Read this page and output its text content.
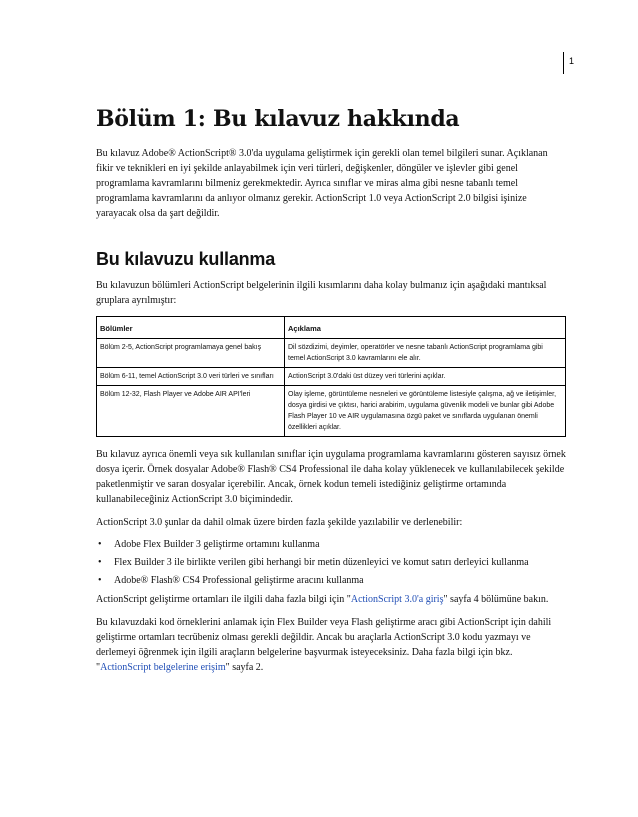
1
Bölüm 1: Bu kılavuz hakkında

Bu kılavuz Adobe® ActionScript® 3.0'da uygulama geliştirmek için gerekli olan temel bilgileri sunar. Açıklanan fikir ve teknikleri en iyi şekilde anlayabilmek için veri türleri, değişkenler, döngüler ve işlevler gibi genel programlama kavramlarını bilmeniz gerekmektedir. Ayrıca sınıflar ve miras alma gibi nesne tabanlı temel programlama kavramlarını da anlıyor olmanız gerekir. ActionScript 1.0 veya ActionScript 2.0 bilgisi işinize yarayacak olsa da şart değildir.

Bu kılavuzu kullanma

Bu kılavuzun bölümleri ActionScript belgelerinin ilgili kısımlarını daha kolay bulmanız için aşağıdaki mantıksal gruplara ayrılmıştır:

Bölümler	Açıklama
Bölüm 2-5, ActionScript programlamaya genel bakış	Dil sözdizimi, deyimler, operatörler ve nesne tabanlı ActionScript programlama gibi temel ActionScript 3.0 kavramlarını ele alır.
Bölüm 6-11, temel ActionScript 3.0 veri türleri ve sınıfları	ActionScript 3.0'daki üst düzey veri türlerini açıklar.
Bölüm 12-32, Flash Player ve Adobe AIR API'leri	Olay işleme, görüntüleme nesneleri ve görüntüleme listesiyle çalışma, ağ ve iletişimler, dosya girdisi ve çıktısı, harici arabirim, uygulama güvenlik modeli ve bunlar gibi Adobe Flash Player 10 ve AIR uygulamasına özgü paket ve sınıflarda uygulanan önemli özellikleri açıklar.

Bu kılavuz ayrıca önemli veya sık kullanılan sınıflar için uygulama programlama kavramlarını gösteren sayısız örnek dosya içerir. Örnek dosyalar Adobe® Flash® CS4 Professional ile daha kolay yüklenecek ve kullanılabilecek şekilde paketlenmiştir ve saran dosyalar içerebilir. Ancak, örnek kodun temeli istediğiniz geliştirme ortamında kullanabileceğiniz ActionScript 3.0 biçimindedir.

ActionScript 3.0 şunlar da dahil olmak üzere birden fazla şekilde yazılabilir ve derlenebilir:

• Adobe Flex Builder 3 geliştirme ortamını kullanma
• Flex Builder 3 ile birlikte verilen gibi herhangi bir metin düzenleyici ve komut satırı derleyici kullanma
• Adobe® Flash® CS4 Professional geliştirme aracını kullanma

ActionScript geliştirme ortamları ile ilgili daha fazla bilgi için "ActionScript 3.0'a giriş" sayfa 4 bölümüne bakın.

Bu kılavuzdaki kod örneklerini anlamak için Flex Builder veya Flash geliştirme aracı gibi ActionScript için dahili geliştirme ortamları tecrübeniz olması gerekli değildir. Ancak bu araçlarla ActionScript 3.0 kodu yazmayı ve derlemeyi öğrenmek için ilgili araçların belgelerine başvurmak isteyeceksiniz. Daha fazla bilgi için bkz. "ActionScript belgelerine erişim" sayfa 2.
